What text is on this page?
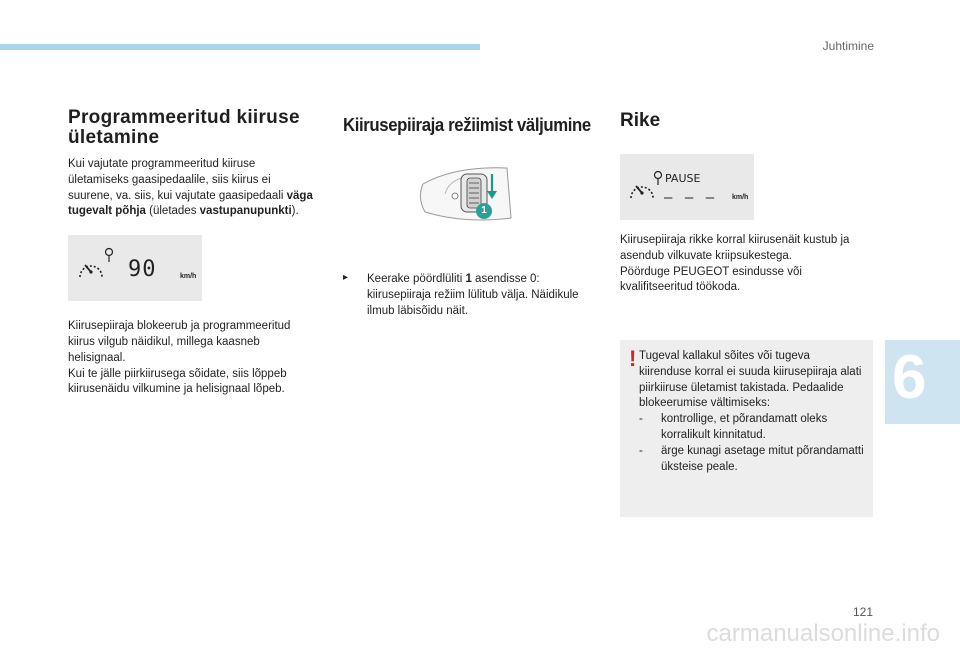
Juhtimine
Programmeeritud kiiruse ületamine

Kui vajutate programmeeritud kiiruse ületamiseks gaasipedaalile, siis kiirus ei suurene, va. siis, kui vajutate gaasipedaali väga tugevalt põhja (ületades vastupanupunkti).

90	km/h

Kiirusepiiraja blokeerub ja programmeeritud kiirus vilgub näidikul, millega kaasneb helisignaal.

Kui te jälle piirkiirusega sõidate, siis lõppeb kiirusenäidu vilkumine ja helisignaal lõpeb.

Kiirusepiiraja režiimist väljumine
1
▸ Keerake pöördlüliti 1 asendisse 0: kiirusepiiraja režiim lülitub välja. Näidikule ilmub läbisõidu näit.

Rike
PAUSE
– – – km/h

Kiirusepiiraja rikke korral kiirusenäit kustub ja asendub vilkuvate kriipsukestega.

Pöörduge PEUGEOT esindusse või kvalifitseeritud töökoda.

! Tugeval kallakul sõites või tugeva kiirenduse korral ei suuda kiirusepiiraja alati piirkiiruse ületamist takistada. Pedaalide blokeerumise vältimiseks:

- kontrollige, et põrandamatt oleks korralikult kinnitatud.

- ärge kunagi asetage mitut põrandamatti üksteise peale.

6
121
carmanualsonline.info
